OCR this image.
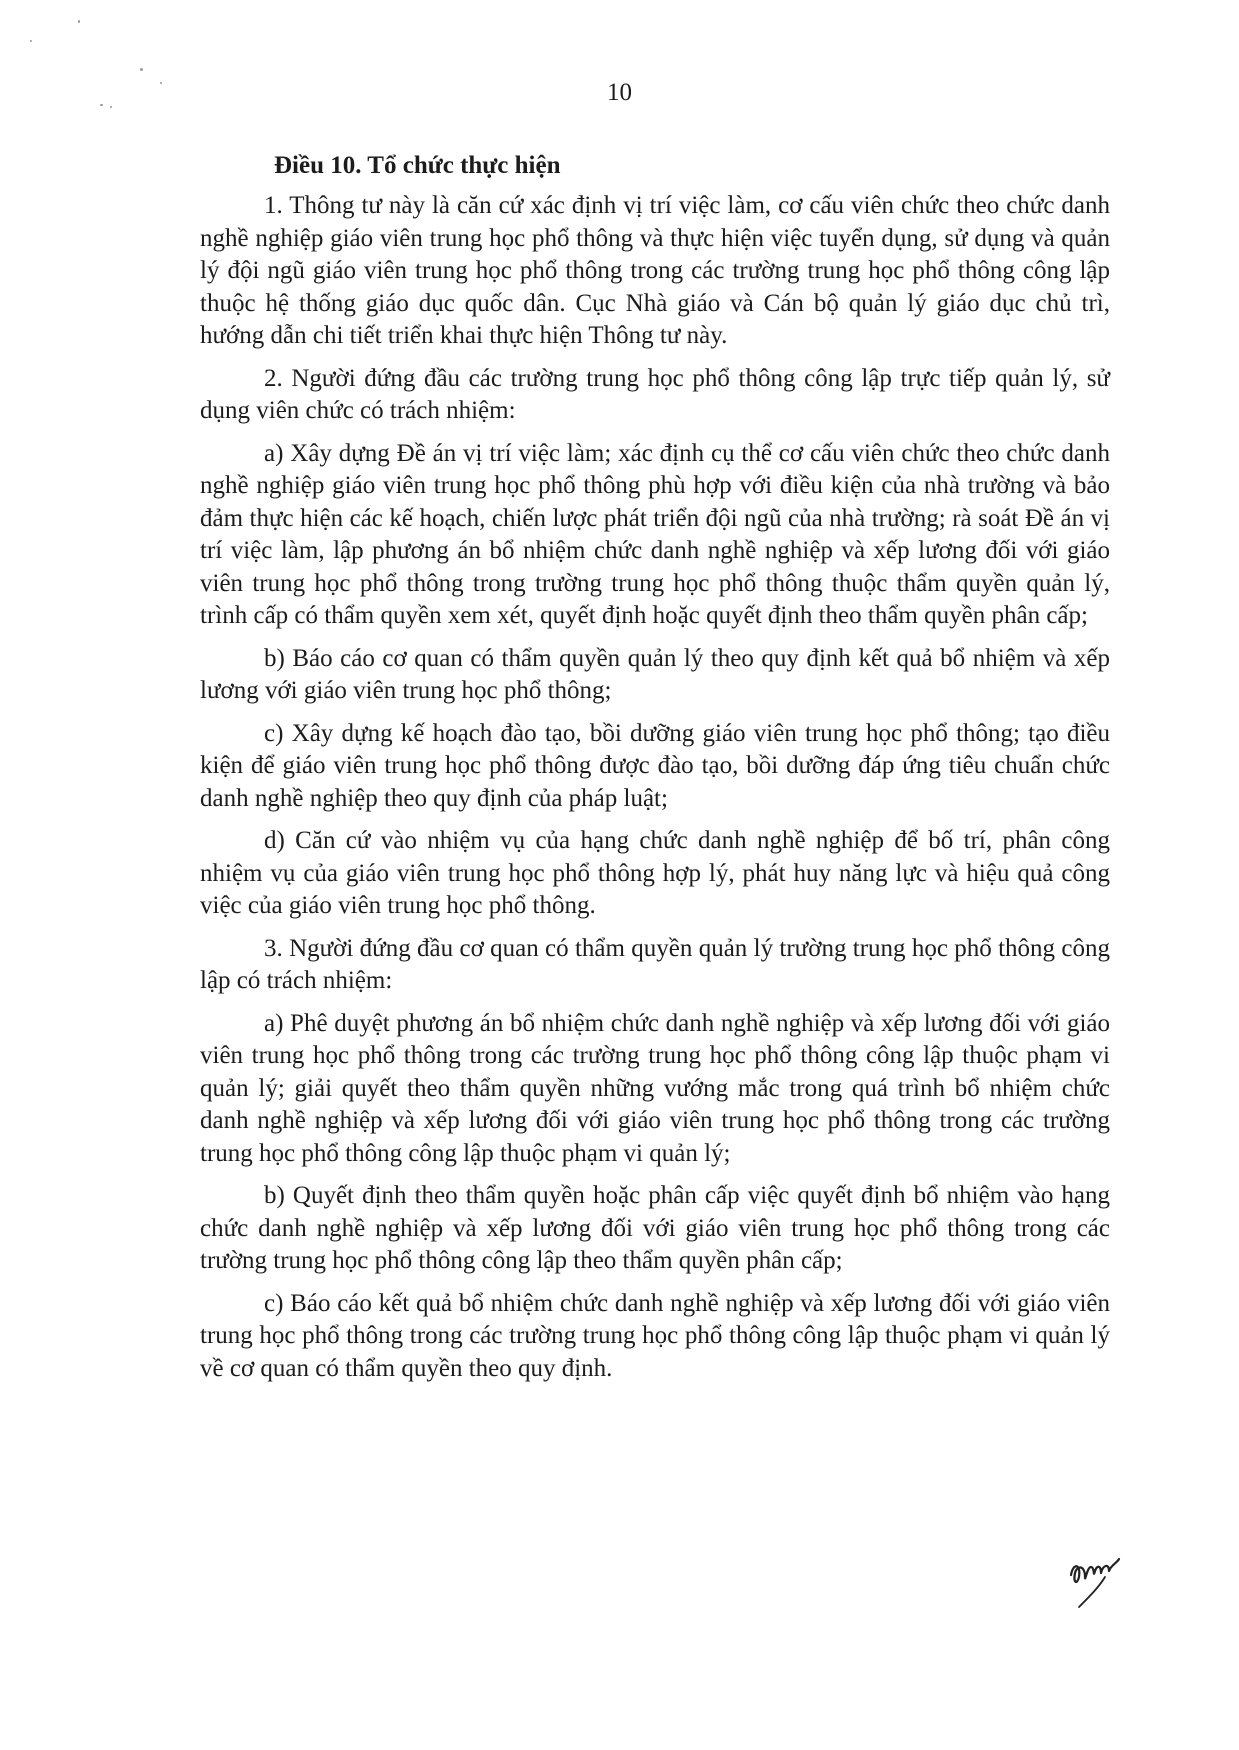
10
Điều 10. Tổ chức thực hiện

1. Thông tư này là căn cứ xác định vị trí việc làm, cơ cấu viên chức theo chức danh nghề nghiệp giáo viên trung học phổ thông và thực hiện việc tuyển dụng, sử dụng và quản lý đội ngũ giáo viên trung học phổ thông trong các trường trung học phổ thông công lập thuộc hệ thống giáo dục quốc dân. Cục Nhà giáo và Cán bộ quản lý giáo dục chủ trì, hướng dẫn chi tiết triển khai thực hiện Thông tư này.

2. Người đứng đầu các trường trung học phổ thông công lập trực tiếp quản lý, sử dụng viên chức có trách nhiệm:

a) Xây dựng Đề án vị trí việc làm; xác định cụ thể cơ cấu viên chức theo chức danh nghề nghiệp giáo viên trung học phổ thông phù hợp với điều kiện của nhà trường và bảo đảm thực hiện các kế hoạch, chiến lược phát triển đội ngũ của nhà trường; rà soát Đề án vị trí việc làm, lập phương án bổ nhiệm chức danh nghề nghiệp và xếp lương đối với giáo viên trung học phổ thông trong trường trung học phổ thông thuộc thẩm quyền quản lý, trình cấp có thẩm quyền xem xét, quyết định hoặc quyết định theo thẩm quyền phân cấp;

b) Báo cáo cơ quan có thẩm quyền quản lý theo quy định kết quả bổ nhiệm và xếp lương với giáo viên trung học phổ thông;

c) Xây dựng kế hoạch đào tạo, bồi dưỡng giáo viên trung học phổ thông; tạo điều kiện để giáo viên trung học phổ thông được đào tạo, bồi dưỡng đáp ứng tiêu chuẩn chức danh nghề nghiệp theo quy định của pháp luật;

d) Căn cứ vào nhiệm vụ của hạng chức danh nghề nghiệp để bố trí, phân công nhiệm vụ của giáo viên trung học phổ thông hợp lý, phát huy năng lực và hiệu quả công việc của giáo viên trung học phổ thông.

3. Người đứng đầu cơ quan có thẩm quyền quản lý trường trung học phổ thông công lập có trách nhiệm:

a) Phê duyệt phương án bổ nhiệm chức danh nghề nghiệp và xếp lương đối với giáo viên trung học phổ thông trong các trường trung học phổ thông công lập thuộc phạm vi quản lý; giải quyết theo thẩm quyền những vướng mắc trong quá trình bổ nhiệm chức danh nghề nghiệp và xếp lương đối với giáo viên trung học phổ thông trong các trường trung học phổ thông công lập thuộc phạm vi quản lý;

b) Quyết định theo thẩm quyền hoặc phân cấp việc quyết định bổ nhiệm vào hạng chức danh nghề nghiệp và xếp lương đối với giáo viên trung học phổ thông trong các trường trung học phổ thông công lập theo thẩm quyền phân cấp;

c) Báo cáo kết quả bổ nhiệm chức danh nghề nghiệp và xếp lương đối với giáo viên trung học phổ thông trong các trường trung học phổ thông công lập thuộc phạm vi quản lý về cơ quan có thẩm quyền theo quy định.
